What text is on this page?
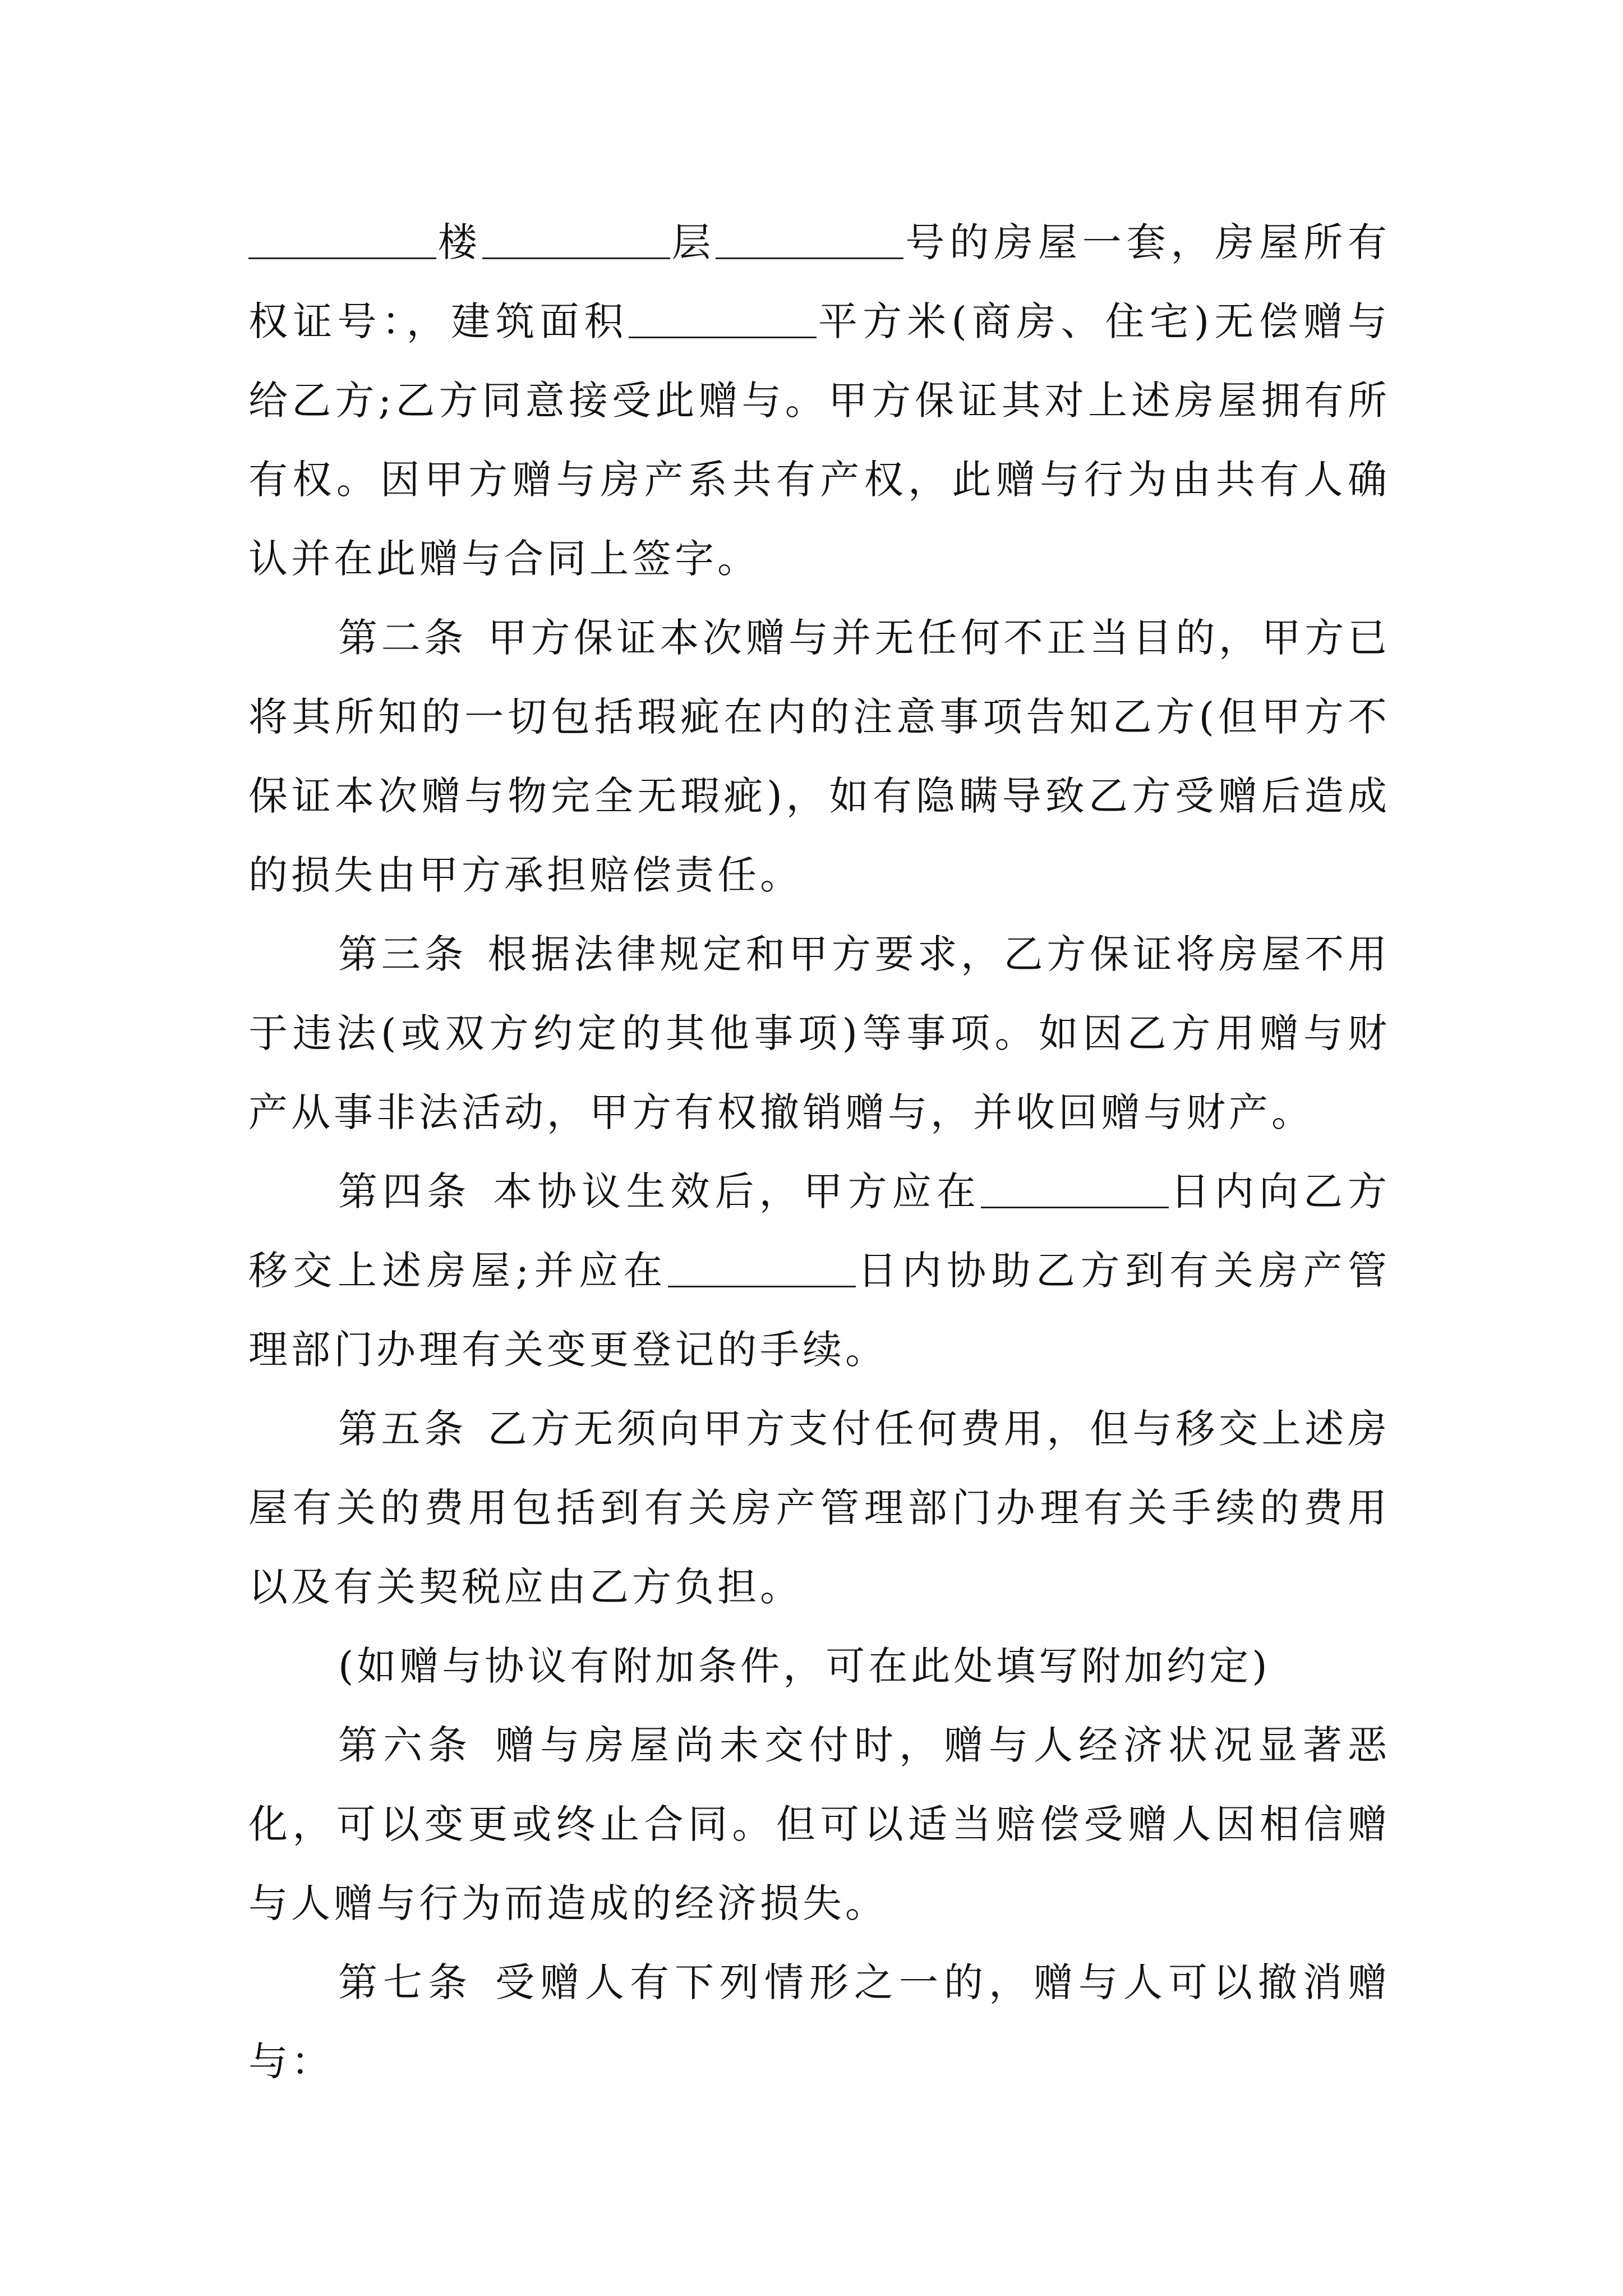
楼	层	号的房屋一套，房屋所有权证号：，建筑面积	平方米(商房、住宅)无偿赠与给乙方;乙方同意接受此赠与。甲方保证其对上述房屋拥有所有权。因甲方赠与房产系共有产权，此赠与行为由共有人确认并在此赠与合同上签字。

第二条 甲方保证本次赠与并无任何不正当目的，甲方已将其所知的一切包括瑕疵在内的注意事项告知乙方(但甲方不保证本次赠与物完全无瑕疵)，如有隐瞒导致乙方受赠后造成的损失由甲方承担赔偿责任。

第三条 根据法律规定和甲方要求，乙方保证将房屋不用于违法(或双方约定的其他事项)等事项。如因乙方用赠与财产从事非法活动，甲方有权撤销赠与，并收回赠与财产。

第四条 本协议生效后，甲方应在	日内向乙方移交上述房屋;并应在	日内协助乙方到有关房产管理部门办理有关变更登记的手续。

第五条 乙方无须向甲方支付任何费用，但与移交上述房屋有关的费用包括到有关房产管理部门办理有关手续的费用以及有关契税应由乙方负担。

(如赠与协议有附加条件，可在此处填写附加约定)

第六条 赠与房屋尚未交付时，赠与人经济状况显著恶化，可以变更或终止合同。但可以适当赔偿受赠人因相信赠与人赠与行为而造成的经济损失。

第七条 受赠人有下列情形之一的，赠与人可以撤消赠与：
